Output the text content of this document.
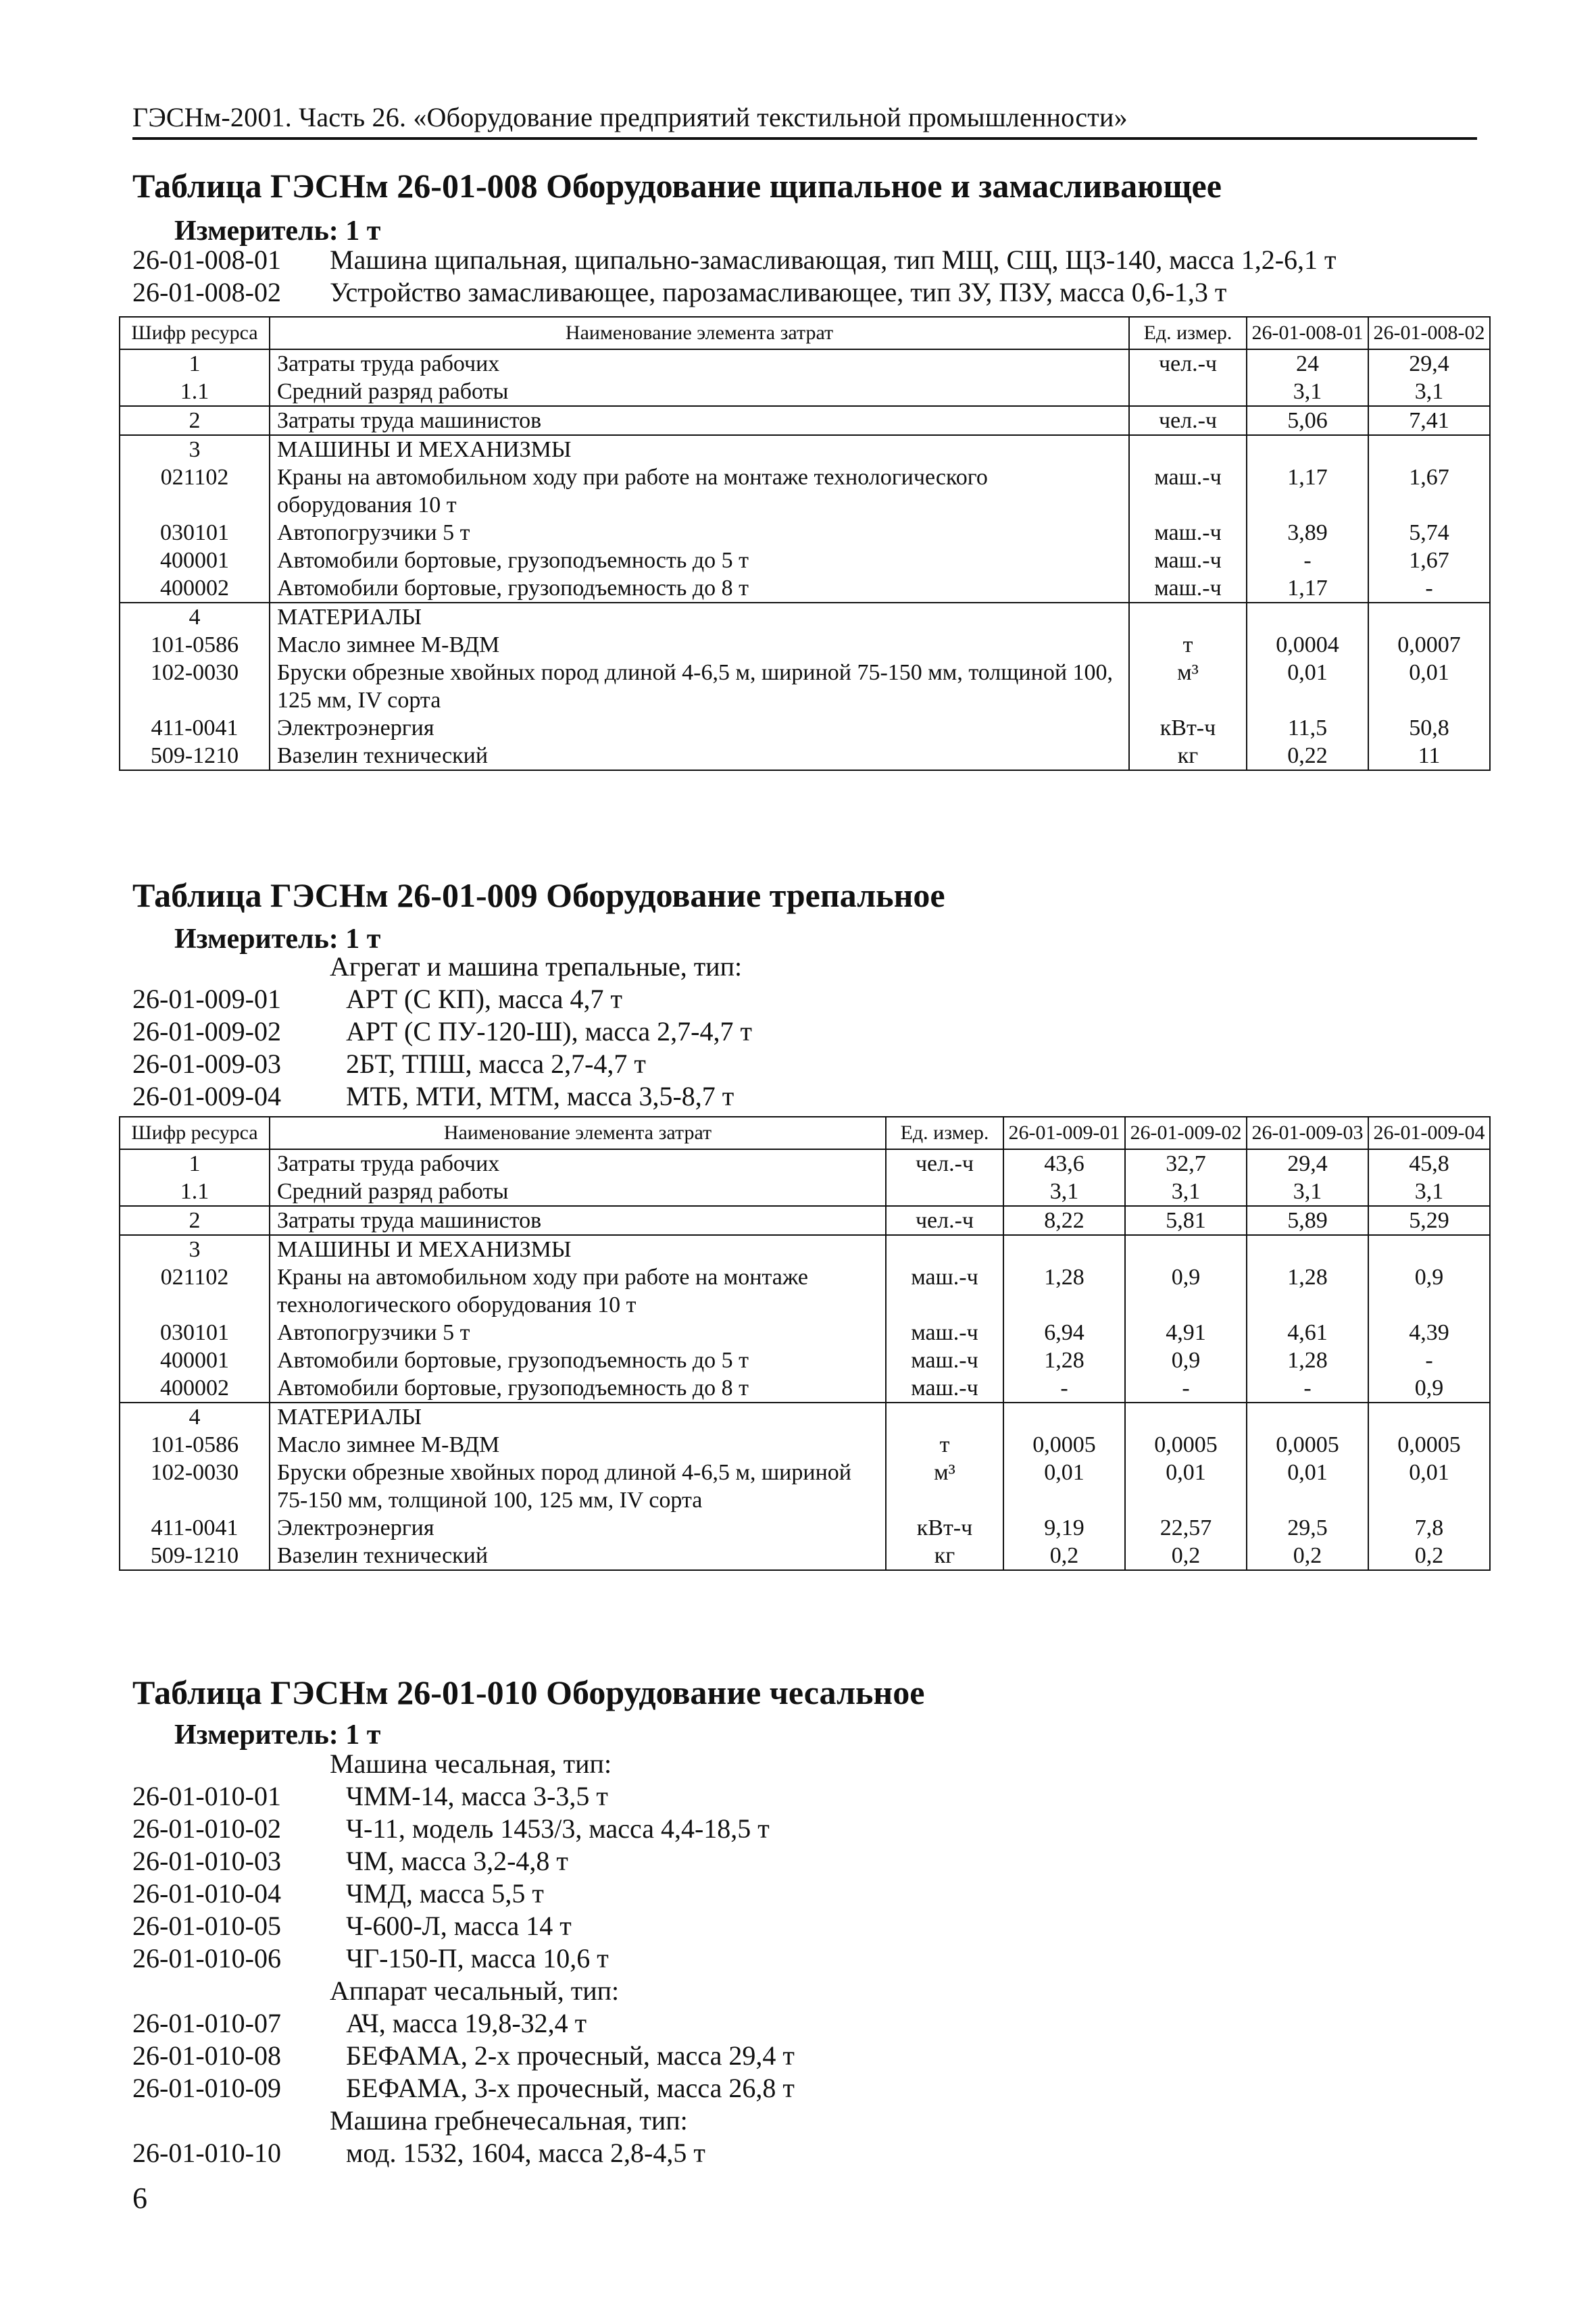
ГЭСНм-2001. Часть 26. «Оборудование предприятий текстильной промышленности»
Таблица ГЭСНм 26-01-008 Оборудование щипальное и замасливающее
Измеритель: 1 т
26-01-008-01	Машина щипальная, щипально-замасливающая, тип МЩ, СЩ, ЩЗ-140, масса 1,2-6,1 т
26-01-008-02	Устройство замасливающее, парозамасливающее, тип ЗУ, ПЗУ, масса 0,6-1,3 т
Шифр ресурса	Наименование элемента затрат	Ед. измер.	26-01-008-01	26-01-008-02
1	Затраты труда рабочих	чел.-ч	24	29,4
1.1	Средний разряд работы		3,1	3,1
2	Затраты труда машинистов	чел.-ч	5,06	7,41
3	МАШИНЫ И МЕХАНИЗМЫ			
021102	Краны на автомобильном ходу при работе на монтаже технологического оборудования 10 т	маш.-ч	1,17	1,67
030101	Автопогрузчики 5 т	маш.-ч	3,89	5,74
400001	Автомобили бортовые, грузоподъемность до 5 т	маш.-ч	-	1,67
400002	Автомобили бортовые, грузоподъемность до 8 т	маш.-ч	1,17	-
4	МАТЕРИАЛЫ			
101-0586	Масло зимнее М-ВДМ	т	0,0004	0,0007
102-0030	Бруски обрезные хвойных пород длиной 4-6,5 м, шириной 75-150 мм, толщиной 100, 125 мм, IV сорта	м³	0,01	0,01
411-0041	Электроэнергия	кВт-ч	11,5	50,8
509-1210	Вазелин технический	кг	0,22	11
Таблица ГЭСНм 26-01-009 Оборудование трепальное
Измеритель: 1 т
Агрегат и машина трепальные, тип:
26-01-009-01	АРТ (С КП), масса 4,7 т
26-01-009-02	АРТ (С ПУ-120-Ш), масса 2,7-4,7 т
26-01-009-03	2БТ, ТПШ, масса 2,7-4,7 т
26-01-009-04	МТБ, МТИ, МТМ, масса 3,5-8,7 т
Шифр ресурса	Наименование элемента затрат	Ед. измер.	26-01-009-01	26-01-009-02	26-01-009-03	26-01-009-04
1	Затраты труда рабочих	чел.-ч	43,6	32,7	29,4	45,8
1.1	Средний разряд работы		3,1	3,1	3,1	3,1
2	Затраты труда машинистов	чел.-ч	8,22	5,81	5,89	5,29
3	МАШИНЫ И МЕХАНИЗМЫ					
021102	Краны на автомобильном ходу при работе на монтаже технологического оборудования 10 т	маш.-ч	1,28	0,9	1,28	0,9
030101	Автопогрузчики 5 т	маш.-ч	6,94	4,91	4,61	4,39
400001	Автомобили бортовые, грузоподъемность до 5 т	маш.-ч	1,28	0,9	1,28	-
400002	Автомобили бортовые, грузоподъемность до 8 т	маш.-ч	-	-	-	0,9
4	МАТЕРИАЛЫ					
101-0586	Масло зимнее М-ВДМ	т	0,0005	0,0005	0,0005	0,0005
102-0030	Бруски обрезные хвойных пород длиной 4-6,5 м, шириной 75-150 мм, толщиной 100, 125 мм, IV сорта	м³	0,01	0,01	0,01	0,01
411-0041	Электроэнергия	кВт-ч	9,19	22,57	29,5	7,8
509-1210	Вазелин технический	кг	0,2	0,2	0,2	0,2
Таблица ГЭСНм 26-01-010 Оборудование чесальное
Измеритель: 1 т
Машина чесальная, тип:
26-01-010-01	ЧММ-14, масса 3-3,5 т
26-01-010-02	Ч-11, модель 1453/3, масса 4,4-18,5 т
26-01-010-03	ЧМ, масса 3,2-4,8 т
26-01-010-04	ЧМД, масса 5,5 т
26-01-010-05	Ч-600-Л, масса 14 т
26-01-010-06	ЧГ-150-П, масса 10,6 т
Аппарат чесальный, тип:
26-01-010-07	АЧ, масса 19,8-32,4 т
26-01-010-08	БЕФАМА, 2-х прочесный, масса 29,4 т
26-01-010-09	БЕФАМА, 3-х прочесный, масса 26,8 т
Машина гребнечесальная, тип:
26-01-010-10	мод. 1532, 1604, масса 2,8-4,5 т
6
